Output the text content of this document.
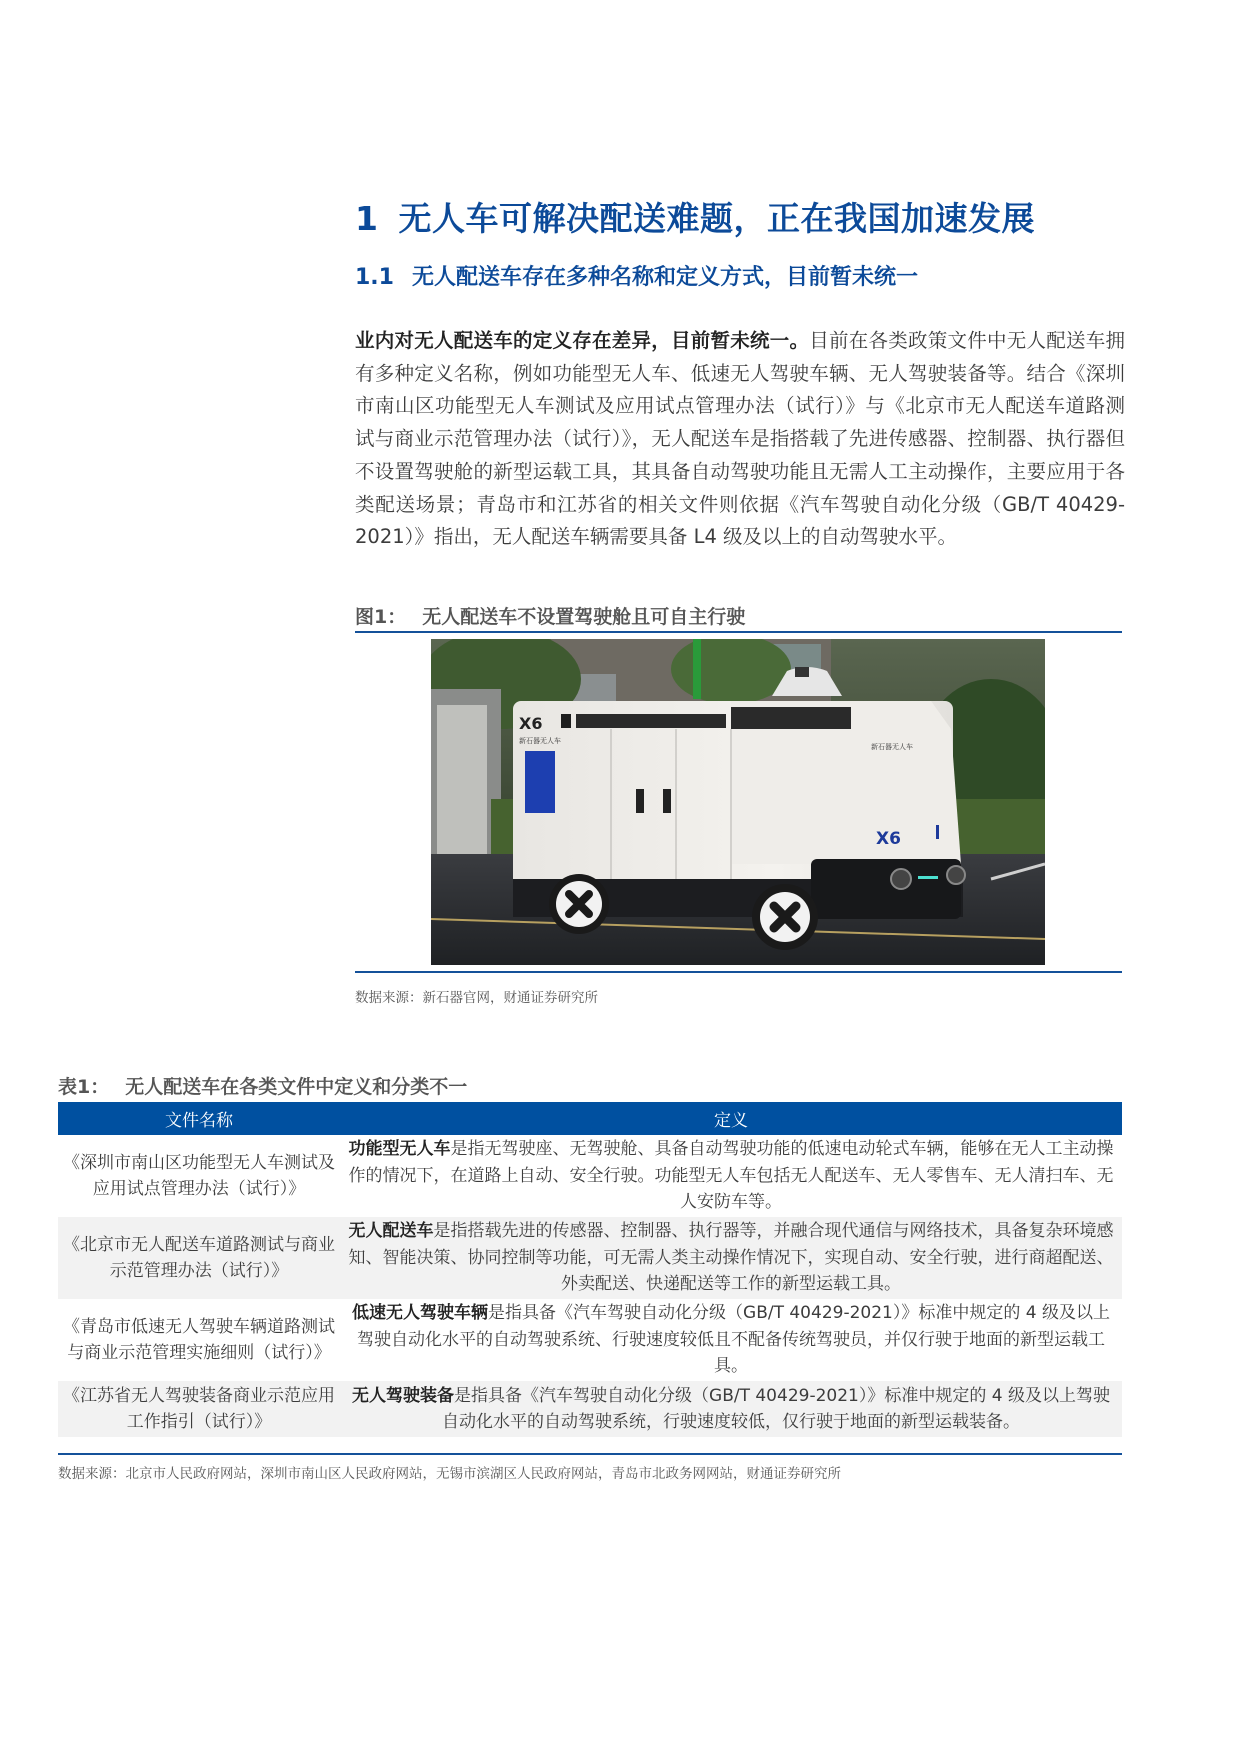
1 无人车可解决配送难题，正在我国加速发展
1.1 无人配送车存在多种名称和定义方式，目前暂未统一
业内对无人配送车的定义存在差异，目前暂未统一。目前在各类政策文件中无人配送车拥有多种定义名称，例如功能型无人车、低速无人驾驶车辆、无人驾驶装备等。结合《深圳市南山区功能型无人车测试及应用试点管理办法（试行）》与《北京市无人配送车道路测试与商业示范管理办法（试行）》，无人配送车是指搭载了先进传感器、控制器、执行器但不设置驾驶舱的新型运载工具，其具备自动驾驶功能且无需人工主动操作，主要应用于各类配送场景；青岛市和江苏省的相关文件则依据《汽车驾驶自动化分级（GB/T 40429-2021）》指出，无人配送车辆需要具备 L4 级及以上的自动驾驶水平。
图1： 无人配送车不设置驾驶舱且可自主行驶
X6
新石器无人车
新石器无人车
X6
数据来源：新石器官网，财通证券研究所
表1： 无人配送车在各类文件中定义和分类不一
文件名称	定义
《深圳市南山区功能型无人车测试及应用试点管理办法（试行）》	功能型无人车是指无驾驶座、无驾驶舱、具备自动驾驶功能的低速电动轮式车辆，能够在无人工主动操作的情况下，在道路上自动、安全行驶。功能型无人车包括无人配送车、无人零售车、无人清扫车、无人安防车等。
《北京市无人配送车道路测试与商业示范管理办法（试行）》	无人配送车是指搭载先进的传感器、控制器、执行器等，并融合现代通信与网络技术，具备复杂环境感知、智能决策、协同控制等功能，可无需人类主动操作情况下，实现自动、安全行驶，进行商超配送、外卖配送、快递配送等工作的新型运载工具。
《青岛市低速无人驾驶车辆道路测试与商业示范管理实施细则（试行）》	低速无人驾驶车辆是指具备《汽车驾驶自动化分级（GB/T 40429-2021）》标准中规定的 4 级及以上驾驶自动化水平的自动驾驶系统、行驶速度较低且不配备传统驾驶员，并仅行驶于地面的新型运载工具。
《江苏省无人驾驶装备商业示范应用工作指引（试行）》	无人驾驶装备是指具备《汽车驾驶自动化分级（GB/T 40429-2021）》标准中规定的 4 级及以上驾驶自动化水平的自动驾驶系统，行驶速度较低，仅行驶于地面的新型运载装备。
数据来源：北京市人民政府网站，深圳市南山区人民政府网站，无锡市滨湖区人民政府网站，青岛市北政务网网站，财通证券研究所
